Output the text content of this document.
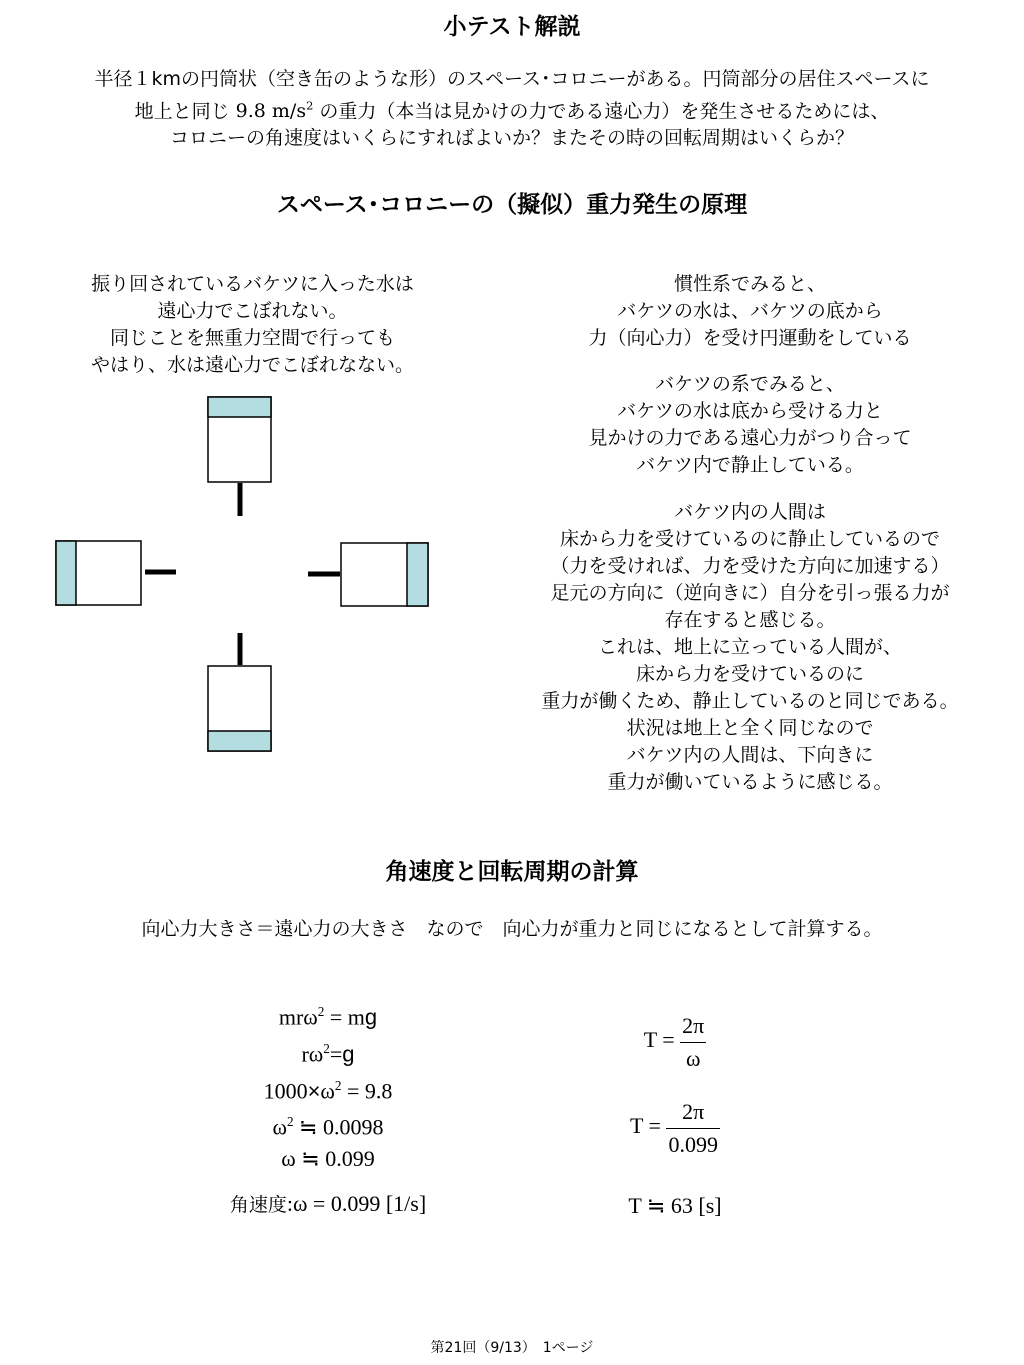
小テスト解説
半径１kmの円筒状（空き缶のような形）のスペース･コロニーがある。円筒部分の居住スペースに
地上と同じ 9.8 $m/s^2$ の重力（本当は見かけの力である遠心力）を発生させるためには、
コロニーの角速度はいくらにすればよいか？またその時の回転周期はいくらか？
スペース･コロニーの（擬似）重力発生の原理
振り回されているバケツに入った水は
遠心力でこぼれない。
同じことを無重力空間で行っても
やはり、水は遠心力でこぼれなない。
慣性系でみると、
バケツの水は、バケツの底から
力（向心力）を受け円運動をしている
バケツの系でみると、
バケツの水は底から受ける力と
見かけの力である遠心力がつり合って
バケツ内で静止している。
バケツ内の人間は
床から力を受けているのに静止しているので
（力を受ければ、力を受けた方向に加速する）
足元の方向に（逆向きに）自分を引っ張る力が
存在すると感じる。
これは、地上に立っている人間が、
床から力を受けているのに
重力が働くため、静止しているのと同じである。
状況は地上と全く同じなので
バケツ内の人間は、下向きに
重力が働いているように感じる。
角速度と回転周期の計算
向心力大きさ＝遠心力の大きさ　なので　向心力が重力と同じになるとして計算する。
mrω$^2$ = mg
$r\omega^2=g$
$1000\times\omega^2 = 9.8$
$\omega^2$ ≒ 0.0098
ω ≒ 0.099
角速度:ω = 0.099 [1/s]
$T = \frac{2\pi}{\omega}$
$T = \frac{2\pi}{0.099}$
T ≒ 63 [s]
第21回（9/13）　1ページ
